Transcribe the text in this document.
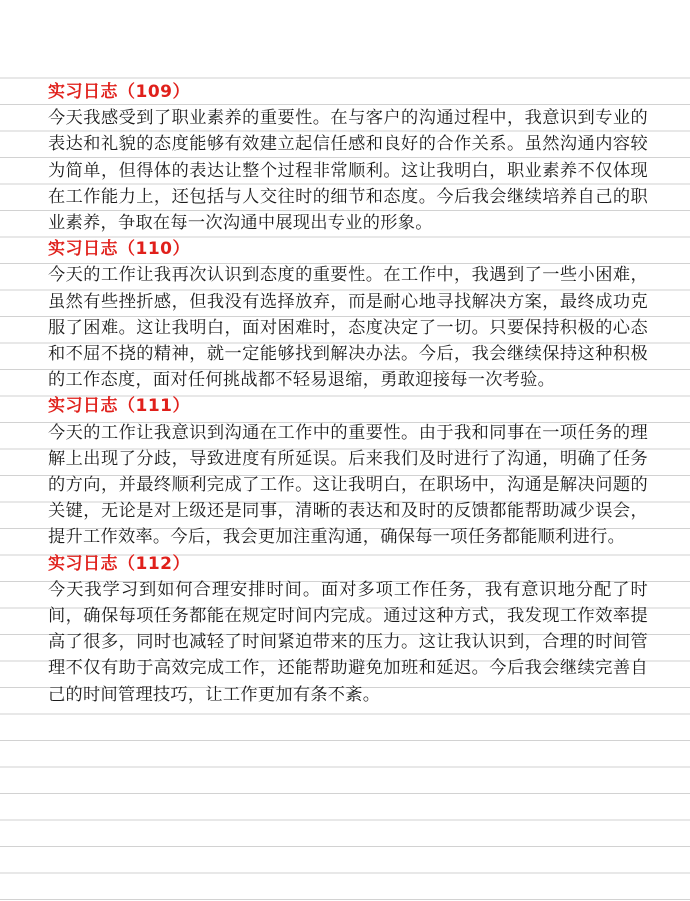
实习日志（109）

今天我感受到了职业素养的重要性。在与客户的沟通过程中，我意识到专业的表达和礼貌的态度能够有效建立起信任感和良好的合作关系。虽然沟通内容较为简单，但得体的表达让整个过程非常顺利。这让我明白，职业素养不仅体现在工作能力上，还包括与人交往时的细节和态度。今后我会继续培养自己的职业素养，争取在每一次沟通中展现出专业的形象。

实习日志（110）

今天的工作让我再次认识到态度的重要性。在工作中，我遇到了一些小困难，虽然有些挫折感，但我没有选择放弃，而是耐心地寻找解决方案，最终成功克服了困难。这让我明白，面对困难时，态度决定了一切。只要保持积极的心态和不屈不挠的精神，就一定能够找到解决办法。今后，我会继续保持这种积极的工作态度，面对任何挑战都不轻易退缩，勇敢迎接每一次考验。

实习日志（111）

今天的工作让我意识到沟通在工作中的重要性。由于我和同事在一项任务的理解上出现了分歧，导致进度有所延误。后来我们及时进行了沟通，明确了任务的方向，并最终顺利完成了工作。这让我明白，在职场中，沟通是解决问题的关键，无论是对上级还是同事，清晰的表达和及时的反馈都能帮助减少误会，提升工作效率。今后，我会更加注重沟通，确保每一项任务都能顺利进行。

实习日志（112）

今天我学习到如何合理安排时间。面对多项工作任务，我有意识地分配了时间，确保每项任务都能在规定时间内完成。通过这种方式，我发现工作效率提高了很多，同时也减轻了时间紧迫带来的压力。这让我认识到，合理的时间管理不仅有助于高效完成工作，还能帮助避免加班和延迟。今后我会继续完善自己的时间管理技巧，让工作更加有条不紊。
